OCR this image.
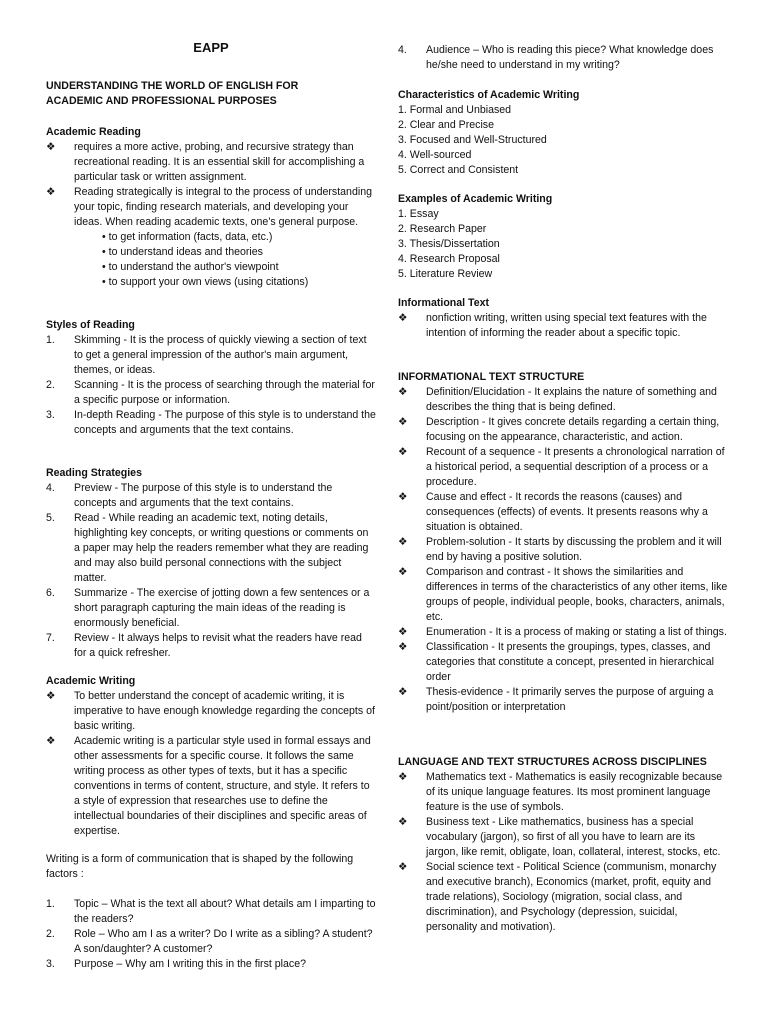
EAPP
UNDERSTANDING THE WORLD OF ENGLISH FOR
ACADEMIC AND PROFESSIONAL PURPOSES
Academic Reading
❖	requires a more active, probing, and recursive strategy than recreational reading. It is an essential skill for accomplishing a particular task or written assignment.
❖	Reading strategically is integral to the process of understanding your topic, finding research materials, and developing your ideas. When reading academic texts, one's general purpose.
• to get information (facts, data, etc.)
• to understand ideas and theories
• to understand the author's viewpoint
• to support your own views (using citations)
Styles of Reading
1.	Skimming - It is the process of quickly viewing a section of text to get a general impression of the author's main argument, themes, or ideas.
2.	Scanning - It is the process of searching through the material for a specific purpose or information.
3.	In-depth Reading - The purpose of this style is to understand the concepts and arguments that the text contains.
Reading Strategies
4.	Preview - The purpose of this style is to understand the concepts and arguments that the text contains.
5.	Read - While reading an academic text, noting details, highlighting key concepts, or writing questions or comments on a paper may help the readers remember what they are reading and may also build personal connections with the subject matter.
6.	Summarize - The exercise of jotting down a few sentences or a short paragraph capturing the main ideas of the reading is enormously beneficial.
7.	Review - It always helps to revisit what the readers have read for a quick refresher.
Academic Writing
❖	To better understand the concept of academic writing, it is imperative to have enough knowledge regarding the concepts of basic writing.
❖	Academic writing is a particular style used in formal essays and other assessments for a specific course. It follows the same writing process as other types of texts, but it has a specific conventions in terms of content, structure, and style. It refers to a style of expression that researches use to define the intellectual boundaries of their disciplines and specific areas of expertise.
Writing is a form of communication that is shaped by the following factors :
1.	Topic – What is the text all about? What details am I imparting to the readers?
2.	Role – Who am I as a writer? Do I write as a sibling? A student? A son/daughter? A customer?
3.	Purpose – Why am I writing this in the first place?
4.	Audience – Who is reading this piece? What knowledge does he/she need to understand in my writing?
Characteristics of Academic Writing
1. Formal and Unbiased
2. Clear and Precise
3. Focused and Well-Structured
4. Well-sourced
5. Correct and Consistent
Examples of Academic Writing
1. Essay
2. Research Paper
3. Thesis/Dissertation
4. Research Proposal
5. Literature Review
Informational Text
❖	nonfiction writing, written using special text features with the intention of informing the reader about a specific topic.
INFORMATIONAL TEXT STRUCTURE
❖	Definition/Elucidation - It explains the nature of something and describes the thing that is being defined.
❖	Description - It gives concrete details regarding a certain thing, focusing on the appearance, characteristic, and action.
❖	Recount of a sequence - It presents a chronological narration of a historical period, a sequential description of a process or a procedure.
❖	Cause and effect - It records the reasons (causes) and consequences (effects) of events. It presents reasons why a situation is obtained.
❖	Problem-solution - It starts by discussing the problem and it will end by having a positive solution.
❖	Comparison and contrast - It shows the similarities and differences in terms of the characteristics of any other items, like groups of people, individual people, books, characters, animals, etc.
❖	Enumeration - It is a process of making or stating a list of things.
❖	Classification - It presents the groupings, types, classes, and categories that constitute a concept, presented in hierarchical order
❖	Thesis-evidence - It primarily serves the purpose of arguing a point/position or interpretation
LANGUAGE AND TEXT STRUCTURES ACROSS DISCIPLINES
❖	Mathematics text - Mathematics is easily recognizable because of its unique language features. Its most prominent language feature is the use of symbols.
❖	Business text - Like mathematics, business has a special vocabulary (jargon), so first of all you have to learn are its jargon, like remit, obligate, loan, collateral, interest, stocks, etc.
❖	Social science text - Political Science (communism, monarchy and executive branch), Economics (market, profit, equity and trade relations), Sociology (migration, social class, and discrimination), and Psychology (depression, suicidal, personality and motivation).
